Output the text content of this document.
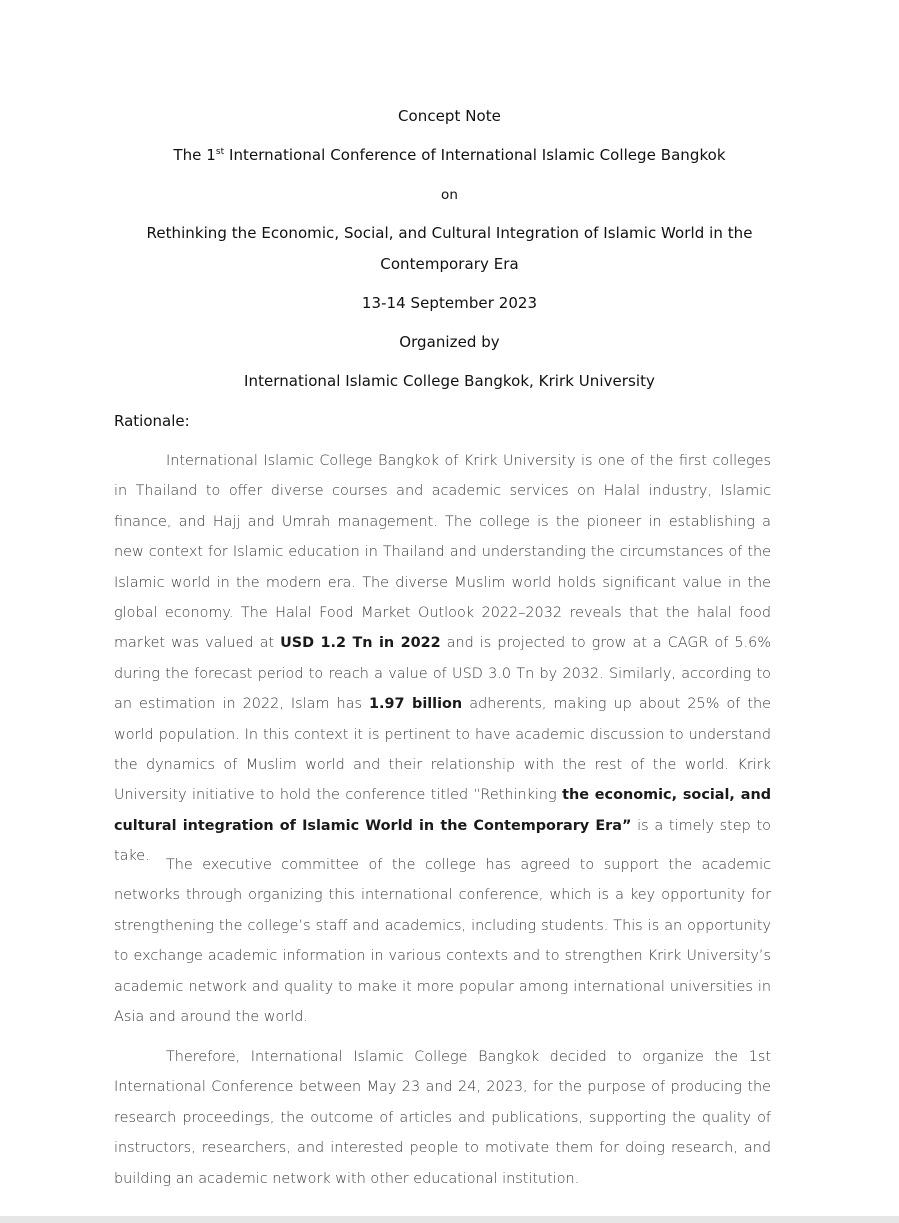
Concept Note
The 1st International Conference of International Islamic College Bangkok
on
Rethinking the Economic, Social, and Cultural Integration of Islamic World in the
Contemporary Era
13-14 September 2023
Organized by
International Islamic College Bangkok, Krirk University
Rationale:
International Islamic College Bangkok of Krirk University is one of the first colleges in Thailand to offer diverse courses and academic services on Halal industry, Islamic finance, and Hajj and Umrah management. The college is the pioneer in establishing a new context for Islamic education in Thailand and understanding the circumstances of the Islamic world in the modern era. The diverse Muslim world holds significant value in the global economy. The Halal Food Market Outlook 2022–2032 reveals that the halal food market was valued at USD 1.2 Tn in 2022 and is projected to grow at a CAGR of 5.6% during the forecast period to reach a value of USD 3.0 Tn by 2032. Similarly, according to an estimation in 2022, Islam has 1.97 billion adherents, making up about 25% of the world population. In this context it is pertinent to have academic discussion to understand the dynamics of Muslim world and their relationship with the rest of the world. Krirk University initiative to hold the conference titled “Rethinking the economic, social, and cultural integration of Islamic World in the Contemporary Era” is a timely step to take.
The executive committee of the college has agreed to support the academic networks through organizing this international conference, which is a key opportunity for strengthening the college’s staff and academics, including students. This is an opportunity to exchange academic information in various contexts and to strengthen Krirk University’s academic network and quality to make it more popular among international universities in Asia and around the world.
Therefore, International Islamic College Bangkok decided to organize the 1st International Conference between May 23 and 24, 2023, for the purpose of producing the research proceedings, the outcome of articles and publications, supporting the quality of instructors, researchers, and interested people to motivate them for doing research, and building an academic network with other educational institution.
